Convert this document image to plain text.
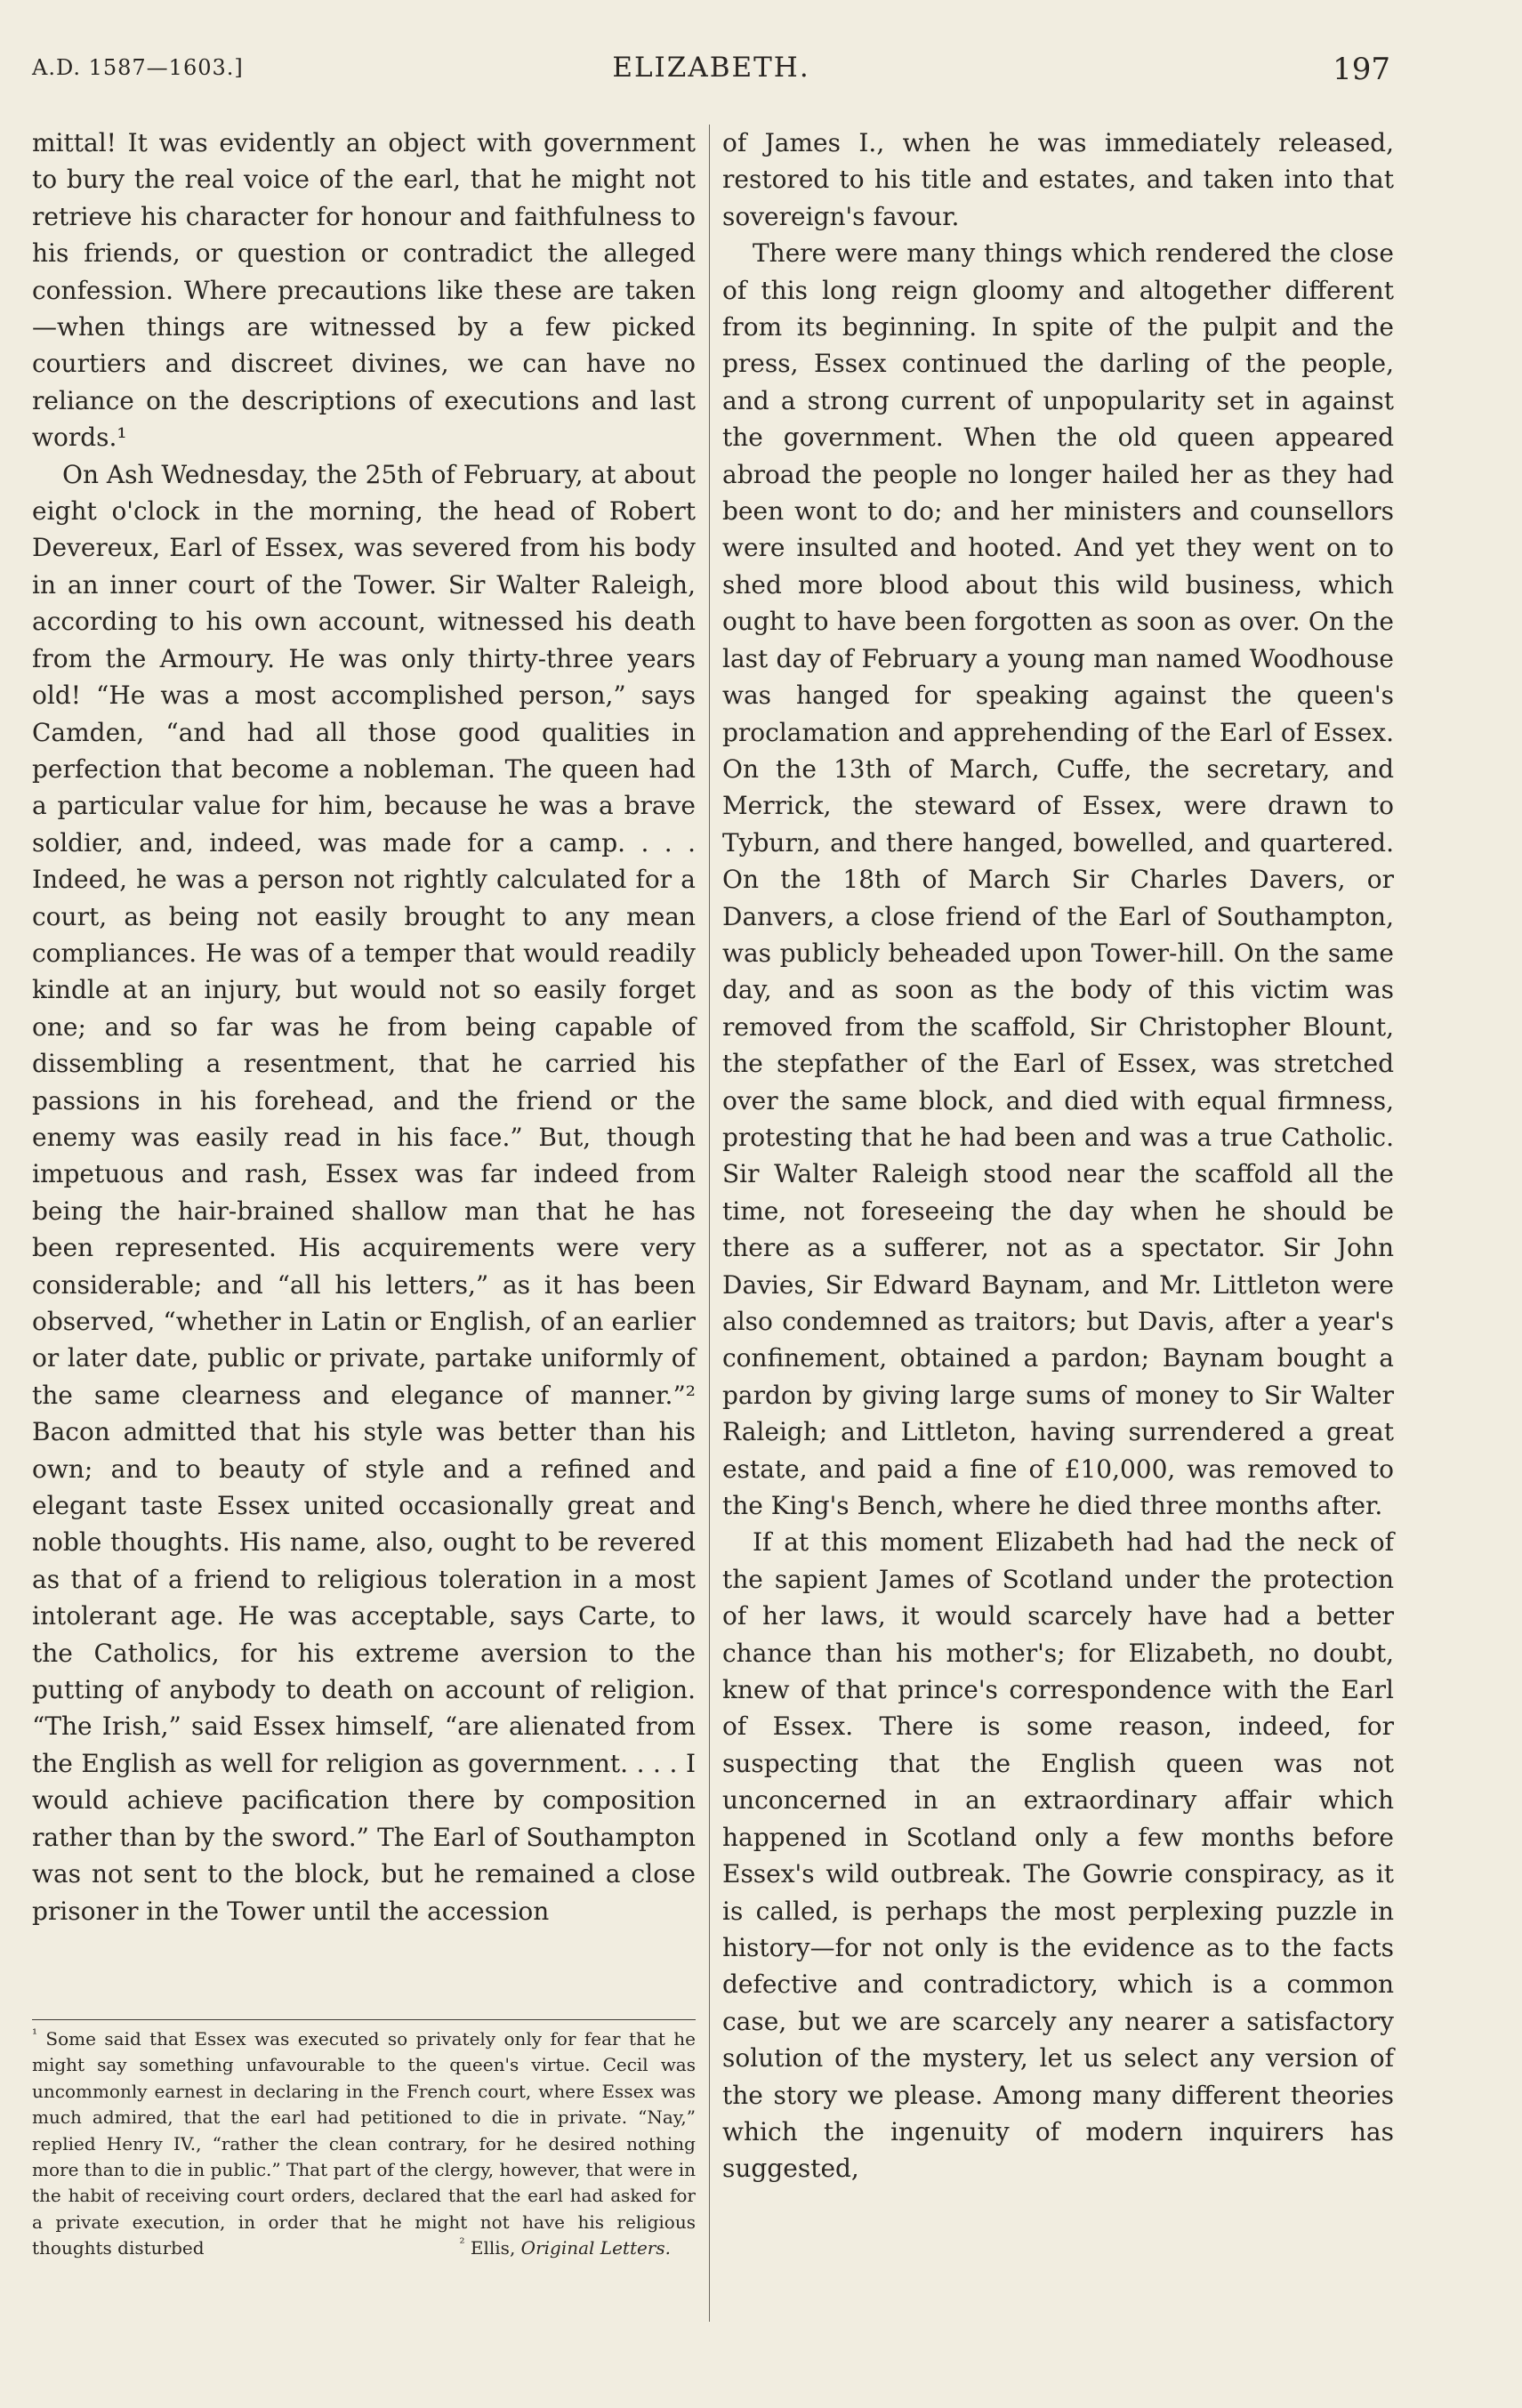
A.D. 1587—1603.]	ELIZABETH.	197

mittal! It was evidently an object with government to bury the real voice of the earl, that he might not retrieve his character for honour and faithfulness to his friends, or question or contradict the alleged confession. Where precautions like these are taken—when things are witnessed by a few picked courtiers and discreet divines, we can have no reliance on the descriptions of executions and last words.¹

On Ash Wednesday, the 25th of February, at about eight o'clock in the morning, the head of Robert Devereux, Earl of Essex, was severed from his body in an inner court of the Tower. Sir Walter Raleigh, according to his own account, witnessed his death from the Armoury. He was only thirty-three years old! “He was a most accomplished person,” says Camden, “and had all those good qualities in perfection that become a nobleman. The queen had a particular value for him, because he was a brave soldier, and, indeed, was made for a camp. . . . Indeed, he was a person not rightly calculated for a court, as being not easily brought to any mean compliances. He was of a temper that would readily kindle at an injury, but would not so easily forget one; and so far was he from being capable of dissembling a resentment, that he carried his passions in his forehead, and the friend or the enemy was easily read in his face.” But, though impetuous and rash, Essex was far indeed from being the hair-brained shallow man that he has been represented. His acquirements were very considerable; and “all his letters,” as it has been observed, “whether in Latin or English, of an earlier or later date, public or private, partake uniformly of the same clearness and elegance of manner.”² Bacon admitted that his style was better than his own; and to beauty of style and a refined and elegant taste Essex united occasionally great and noble thoughts. His name, also, ought to be revered as that of a friend to religious toleration in a most intolerant age. He was acceptable, says Carte, to the Catholics, for his extreme aversion to the putting of anybody to death on account of religion. “The Irish,” said Essex himself, “are alienated from the English as well for religion as government. . . . I would achieve pacification there by composition rather than by the sword.” The Earl of Southampton was not sent to the block, but he remained a close prisoner in the Tower until the accession

of James I., when he was immediately released, restored to his title and estates, and taken into that sovereign's favour.

There were many things which rendered the close of this long reign gloomy and altogether different from its beginning. In spite of the pulpit and the press, Essex continued the darling of the people, and a strong current of unpopularity set in against the government. When the old queen appeared abroad the people no longer hailed her as they had been wont to do; and her ministers and counsellors were insulted and hooted. And yet they went on to shed more blood about this wild business, which ought to have been forgotten as soon as over. On the last day of February a young man named Woodhouse was hanged for speaking against the queen's proclamation and apprehending of the Earl of Essex. On the 13th of March, Cuffe, the secretary, and Merrick, the steward of Essex, were drawn to Tyburn, and there hanged, bowelled, and quartered. On the 18th of March Sir Charles Davers, or Danvers, a close friend of the Earl of Southampton, was publicly beheaded upon Tower-hill. On the same day, and as soon as the body of this victim was removed from the scaffold, Sir Christopher Blount, the stepfather of the Earl of Essex, was stretched over the same block, and died with equal firmness, protesting that he had been and was a true Catholic. Sir Walter Raleigh stood near the scaffold all the time, not foreseeing the day when he should be there as a sufferer, not as a spectator. Sir John Davies, Sir Edward Baynam, and Mr. Littleton were also condemned as traitors; but Davis, after a year's confinement, obtained a pardon; Baynam bought a pardon by giving large sums of money to Sir Walter Raleigh; and Littleton, having surrendered a great estate, and paid a fine of £10,000, was removed to the King's Bench, where he died three months after.

If at this moment Elizabeth had had the neck of the sapient James of Scotland under the protection of her laws, it would scarcely have had a better chance than his mother's; for Elizabeth, no doubt, knew of that prince's correspondence with the Earl of Essex. There is some reason, indeed, for suspecting that the English queen was not unconcerned in an extraordinary affair which happened in Scotland only a few months before Essex's wild outbreak. The Gowrie conspiracy, as it is called, is perhaps the most perplexing puzzle in history—for not only is the evidence as to the facts defective and contradictory, which is a common case, but we are scarcely any nearer a satisfactory solution of the mystery, let us select any version of the story we please. Among many different theories which the ingenuity of modern inquirers has suggested,

$^{^1}$ Some said that Essex was executed so privately only for fear that he might say something unfavourable to the queen's virtue. Cecil was uncommonly earnest in declaring in the French court, where Essex was much admired, that the earl had petitioned to die in private. “Nay,” replied Henry IV., “rather the clean contrary, for he desired nothing more than to die in public.” That part of the clergy, however, that were in the habit of receiving court orders, declared that the earl had asked for a private execution, in order that he might not have his religious thoughts disturbed	$^{^2}$ Ellis, Original Letters.
